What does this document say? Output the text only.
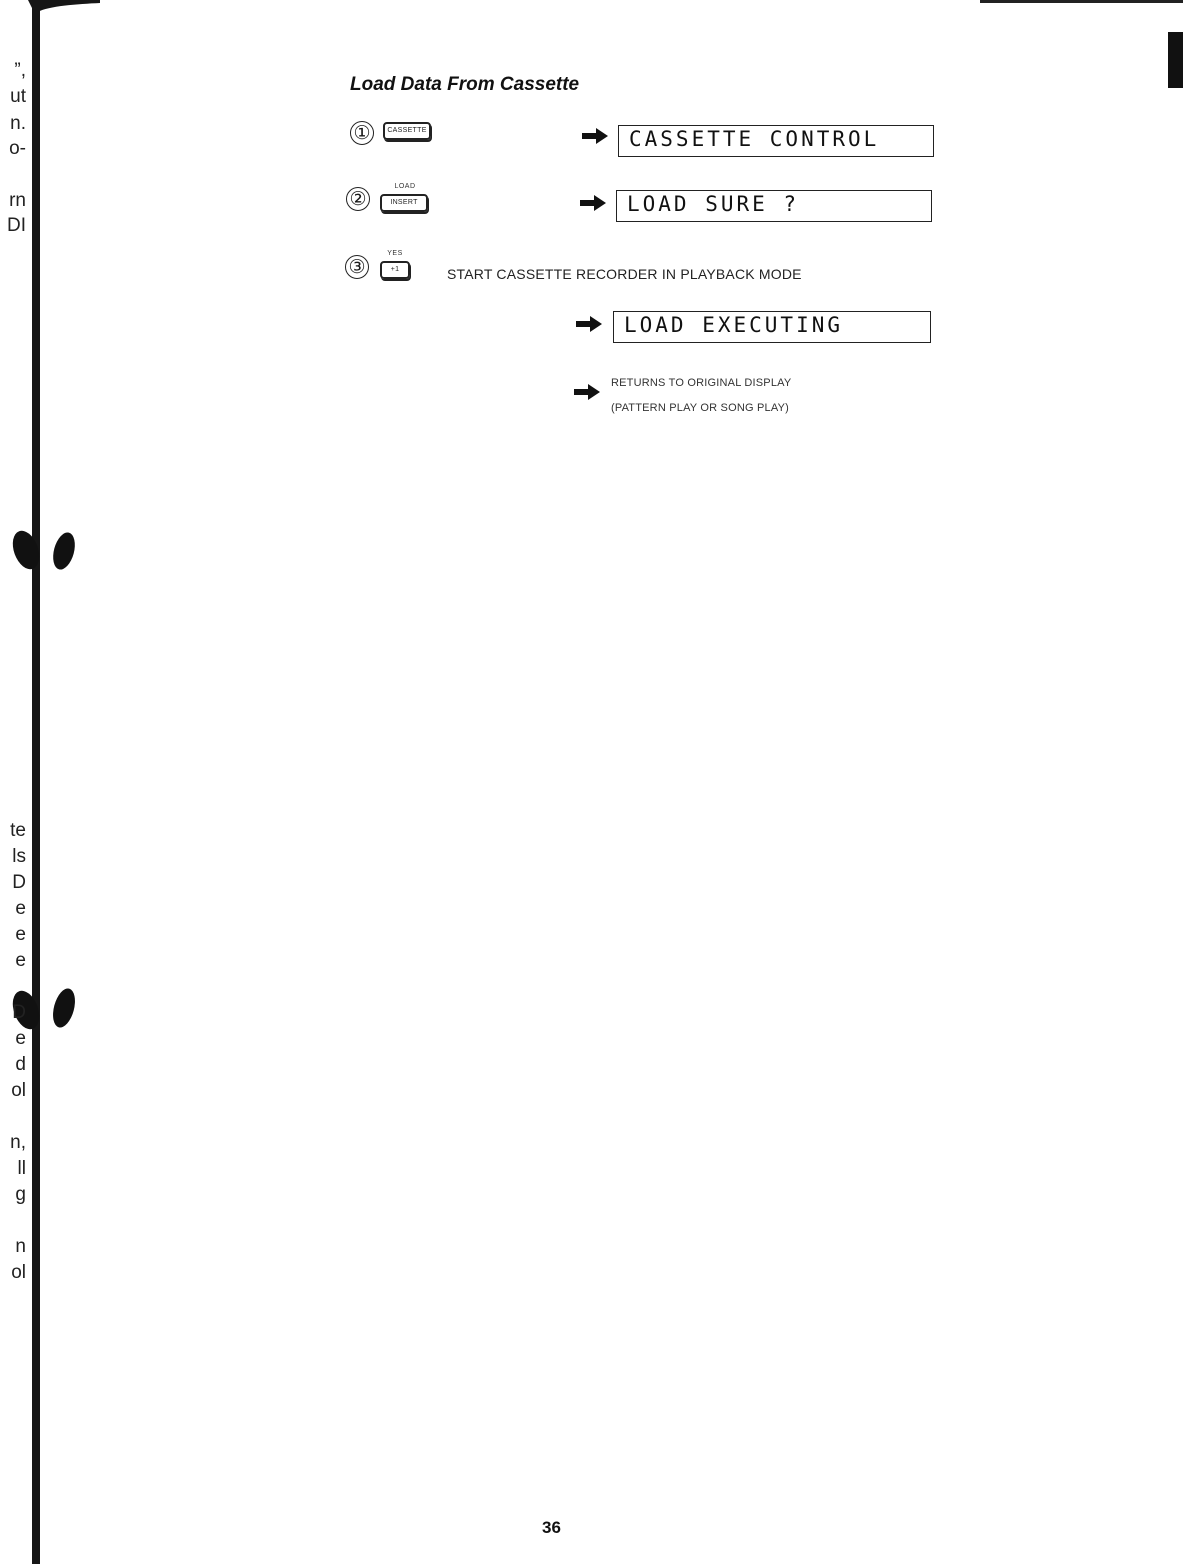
”,
ut
n.
o-
rn
DI
te
ls
D
e
e
e
D
e
d
ol
n,
ll
g
n
ol
Load Data From Cassette
①	CASSETTE	CASSETTE CONTROL
②
LOAD
INSERT	LOAD SURE ?
③
YES
+1	START CASSETTE RECORDER IN PLAYBACK MODE
LOAD EXECUTING
RETURNS TO ORIGINAL DISPLAY
(PATTERN PLAY OR SONG PLAY)
36
